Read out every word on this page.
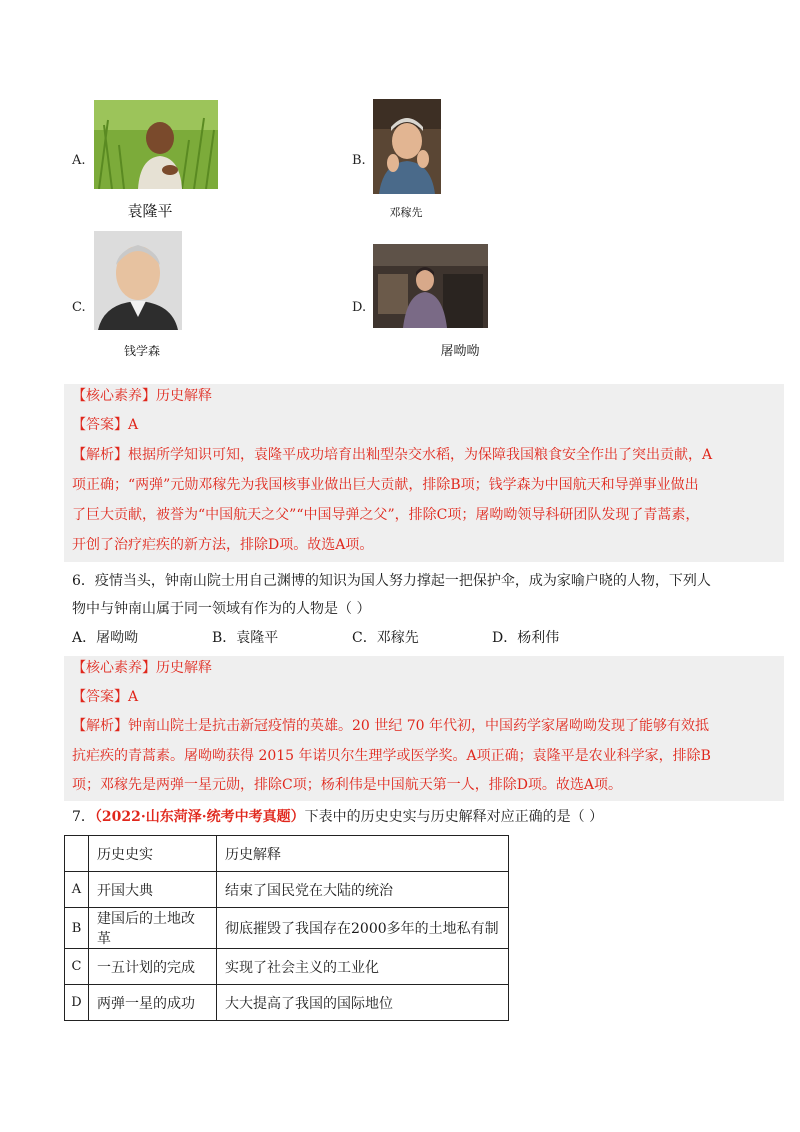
A.
袁隆平
B.
邓稼先
C.
钱学森
D.
屠呦呦
【核心素养】历史解释
【答案】A
【解析】根据所学知识可知，袁隆平成功培育出籼型杂交水稻，为保障我国粮食安全作出了突出贡献，A
项正确；“两弹”元勋邓稼先为我国核事业做出巨大贡献，排除B项；钱学森为中国航天和导弹事业做出
了巨大贡献，被誉为“中国航天之父”“中国导弹之父”，排除C项；屠呦呦领导科研团队发现了青蒿素，
开创了治疗疟疾的新方法，排除D项。故选A项。
6．疫情当头，钟南山院士用自己渊博的知识为国人努力撑起一把保护伞，成为家喻户晓的人物，下列人
物中与钟南山属于同一领域有作为的人物是（ ）
A．屠呦呦	B．袁隆平	C．邓稼先	D．杨利伟
【核心素养】历史解释
【答案】A
【解析】钟南山院士是抗击新冠疫情的英雄。20 世纪 70 年代初，中国药学家屠呦呦发现了能够有效抵
抗疟疾的青蒿素。屠呦呦获得 2015 年诺贝尔生理学或医学奖。A项正确；袁隆平是农业科学家，排除B
项；邓稼先是两弹一星元勋，排除C项；杨利伟是中国航天第一人，排除D项。故选A项。
7．（2022·山东菏泽·统考中考真题）下表中的历史史实与历史解释对应正确的是（ ）
	历史史实	历史解释
A	开国大典	结束了国民党在大陆的统治
B	建国后的土地改革	彻底摧毁了我国存在2000多年的土地私有制
C	一五计划的完成	实现了社会主义的工业化
D	两弹一星的成功	大大提高了我国的国际地位
